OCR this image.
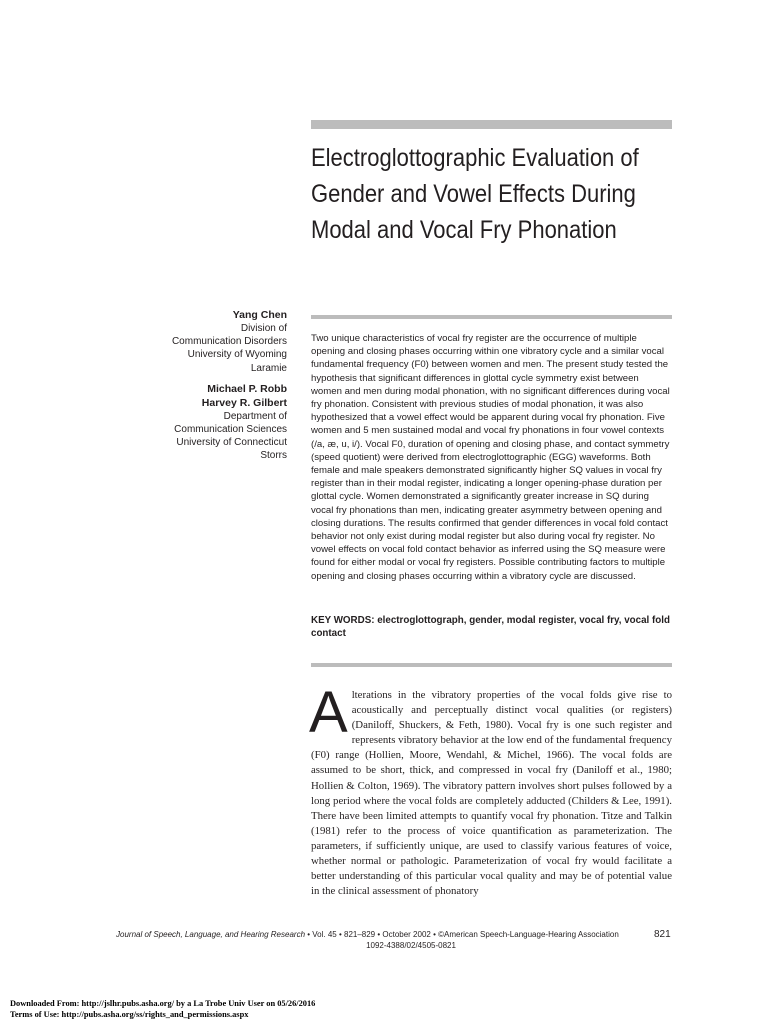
Electroglottographic Evaluation of
Gender and Vowel Effects During
Modal and Vocal Fry Phonation
Yang Chen
Division of
Communication Disorders
University of Wyoming
Laramie
Michael P. Robb
Harvey R. Gilbert
Department of
Communication Sciences
University of Connecticut
Storrs

Two unique characteristics of vocal fry register are the occurrence of multiple opening and closing phases occurring within one vibratory cycle and a similar vocal fundamental frequency (F0) between women and men. The present study tested the hypothesis that significant differences in glottal cycle symmetry exist between women and men during modal phonation, with no significant differences during vocal fry phonation. Consistent with previous studies of modal phonation, it was also hypothesized that a vowel effect would be apparent during vocal fry phonation. Five women and 5 men sustained modal and vocal fry phonations in four vowel contexts (/a, æ, u, i/). Vocal F0, duration of opening and closing phase, and contact symmetry (speed quotient) were derived from electroglottographic (EGG) waveforms. Both female and male speakers demonstrated significantly higher SQ values in vocal fry register than in their modal register, indicating a longer opening-phase duration per glottal cycle. Women demonstrated a significantly greater increase in SQ during vocal fry phonations than men, indicating greater asymmetry between opening and closing durations. The results confirmed that gender differences in vocal fold contact behavior not only exist during modal register but also during vocal fry register. No vowel effects on vocal fold contact behavior as inferred using the SQ measure were found for either modal or vocal fry registers. Possible contributing factors to multiple opening and closing phases occurring within a vibratory cycle are discussed.

KEY WORDS: electroglottograph, gender, modal register, vocal fry, vocal fold contact
A lterations in the vibratory properties of the vocal folds give rise to acoustically and perceptually distinct vocal qualities (or registers) (Daniloff, Shuckers, & Feth, 1980). Vocal fry is one such register and represents vibratory behavior at the low end of the fundamental frequency (F0) range (Hollien, Moore, Wendahl, & Michel, 1966). The vocal folds are assumed to be short, thick, and compressed in vocal fry (Daniloff et al., 1980; Hollien & Colton, 1969). The vibratory pattern involves short pulses followed by a long period where the vocal folds are completely adducted (Childers & Lee, 1991). There have been limited attempts to quantify vocal fry phonation. Titze and Talkin (1981) refer to the process of voice quantification as parameterization. The parameters, if sufficiently unique, are used to classify various features of voice, whether normal or pathologic. Parameterization of vocal fry would facilitate a better understanding of this particular vocal quality and may be of potential value in the clinical assessment of phonatory

Journal of Speech, Language, and Hearing Research • Vol. 45 • 821–829 • October 2002 • ©American Speech-Language-Hearing Association
1092-4388/02/4505-0821
821
Downloaded From: http://jslhr.pubs.asha.org/ by a La Trobe Univ User on 05/26/2016
Terms of Use: http://pubs.asha.org/ss/rights_and_permissions.aspx
